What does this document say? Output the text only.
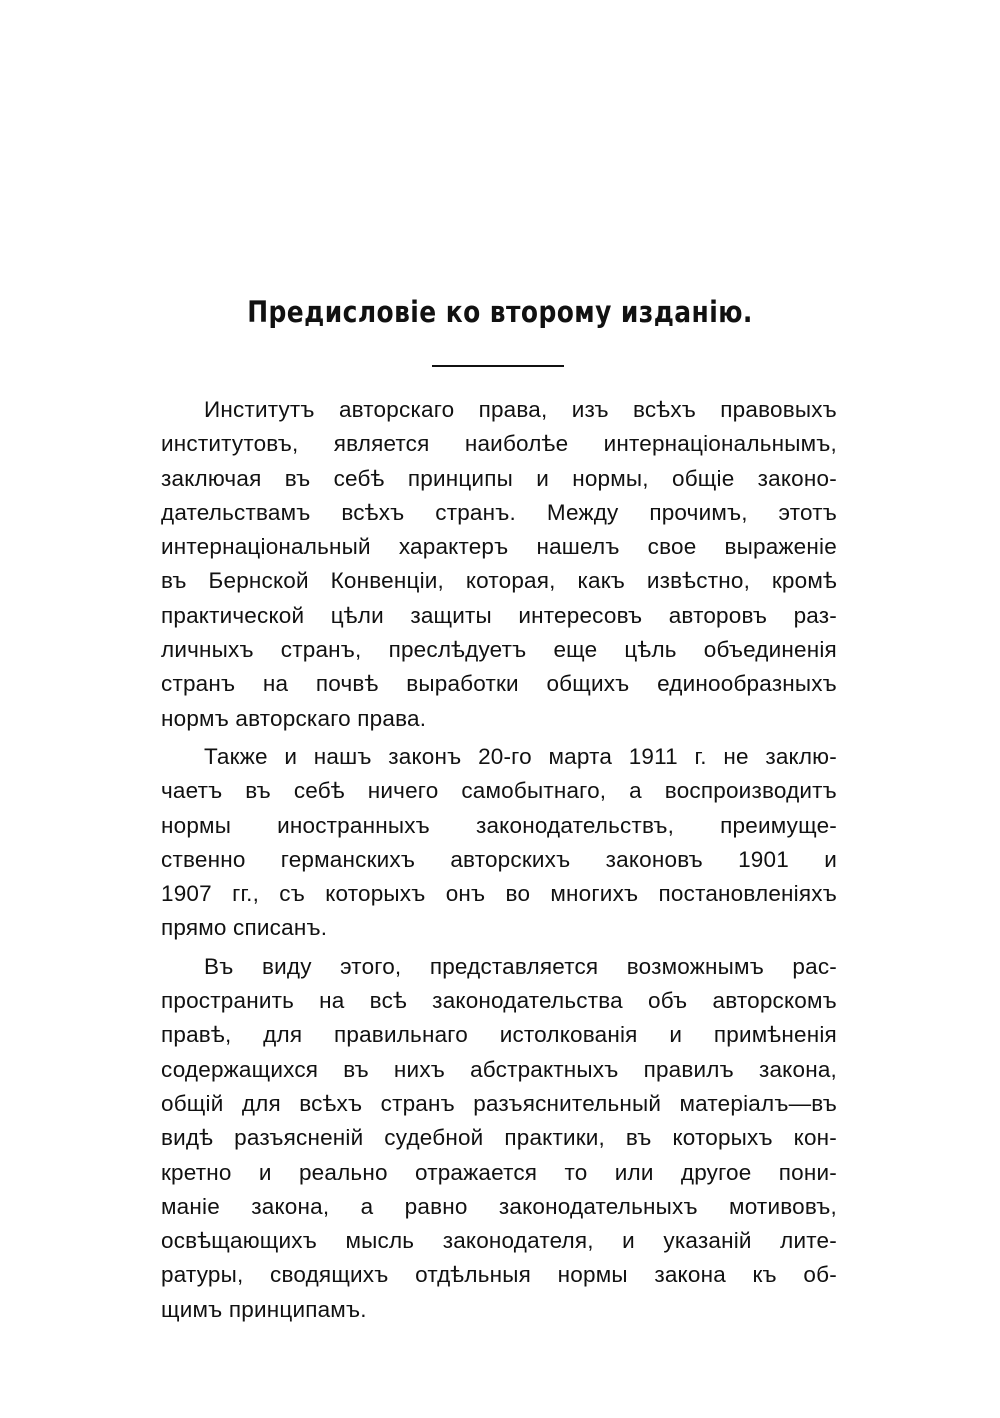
Предисловіе ко второму изданію.
Институтъ авторскаго права, изъ всѣхъ правовыхъ
институтовъ, является наиболѣе интернаціональнымъ,
заключая въ себѣ принципы и нормы, общіе законо-
дательствамъ всѣхъ странъ. Между прочимъ, этотъ
интернаціональный характеръ нашелъ свое выраженіе
въ Бернской Конвенціи, которая, какъ извѣстно, кромѣ
практической цѣли защиты интересовъ авторовъ раз-
личныхъ странъ, преслѣдуетъ еще цѣль объединенія
странъ на почвѣ выработки общихъ единообразныхъ
нормъ авторскаго права.
Также и нашъ законъ 20-го марта 1911 г. не заклю-
чаетъ въ себѣ ничего самобытнаго, а воспроизводитъ
нормы иностранныхъ законодательствъ, преимуще-
ственно германскихъ авторскихъ законовъ 1901 и
1907 гг., съ которыхъ онъ во многихъ постановленіяхъ
прямо списанъ.
Въ виду этого, представляется возможнымъ рас-
пространить на всѣ законодательства объ авторскомъ
правѣ, для правильнаго истолкованія и примѣненія
содержащихся въ нихъ абстрактныхъ правилъ закона,
общій для всѣхъ странъ разъяснительный матеріалъ—въ
видѣ разъясненій судебной практики, въ которыхъ кон-
кретно и реально отражается то или другое пони-
маніе закона, а равно законодательныхъ мотивовъ,
освѣщающихъ мысль законодателя, и указаній лите-
ратуры, сводящихъ отдѣльныя нормы закона къ об-
щимъ принципамъ.
